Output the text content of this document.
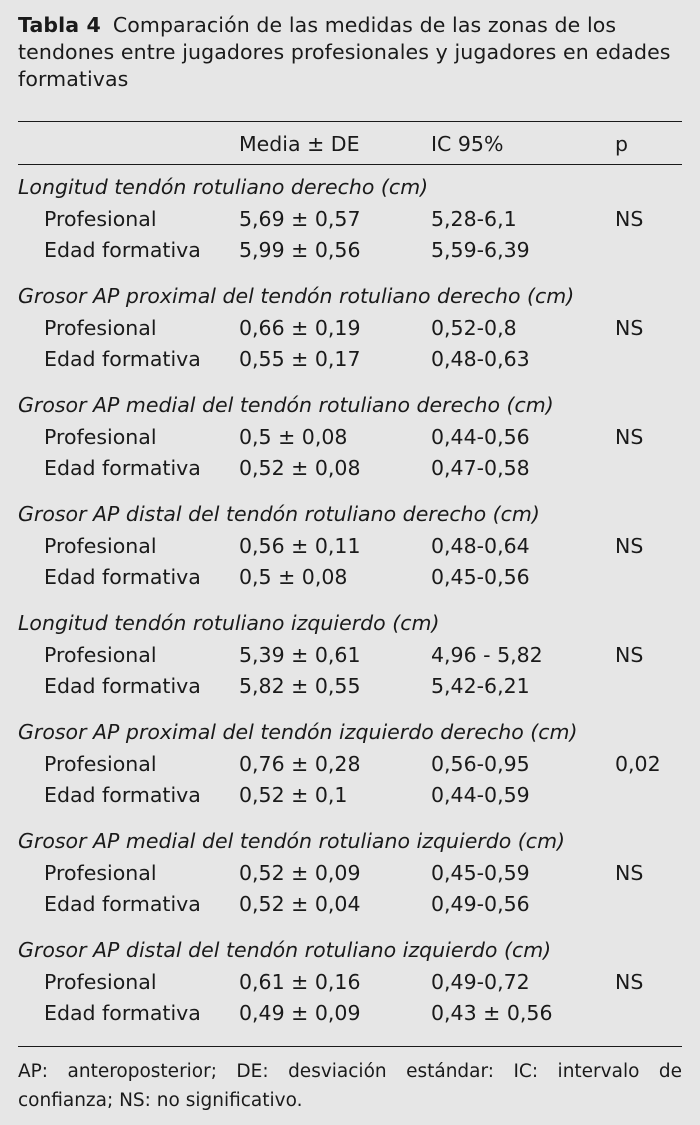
Tabla 4 Comparación de las medidas de las zonas de los tendones entre jugadores profesionales y jugadores en edades formativas

Media ± DE	IC 95%	p
Longitud tendón rotuliano derecho (cm)
Profesional	5,69 ± 0,57	5,28-6,1	NS
Edad formativa 5,99 ± 0,56	5,59-6,39
Grosor AP proximal del tendón rotuliano derecho (cm)
Profesional	0,66 ± 0,19	0,52-0,8	NS
Edad formativa 0,55 ± 0,17	0,48-0,63
Grosor AP medial del tendón rotuliano derecho (cm)
Profesional	0,5 ± 0,08	0,44-0,56	NS
Edad formativa 0,52 ± 0,08	0,47-0,58
Grosor AP distal del tendón rotuliano derecho (cm)
Profesional	0,56 ± 0,11	0,48-0,64	NS
Edad formativa 0,5 ± 0,08	0,45-0,56
Longitud tendón rotuliano izquierdo (cm)
Profesional	5,39 ± 0,61	4,96 - 5,82	NS
Edad formativa 5,82 ± 0,55	5,42-6,21
Grosor AP proximal del tendón izquierdo derecho (cm)
Profesional	0,76 ± 0,28	0,56-0,95	0,02
Edad formativa 0,52 ± 0,1	0,44-0,59
Grosor AP medial del tendón rotuliano izquierdo (cm)
Profesional	0,52 ± 0,09	0,45-0,59	NS
Edad formativa 0,52 ± 0,04	0,49-0,56
Grosor AP distal del tendón rotuliano izquierdo (cm)
Profesional	0,61 ± 0,16	0,49-0,72	NS
Edad formativa 0,49 ± 0,09	0,43 ± 0,56

AP: anteroposterior; DE: desviación estándar: IC: intervalo de confianza; NS: no significativo.
